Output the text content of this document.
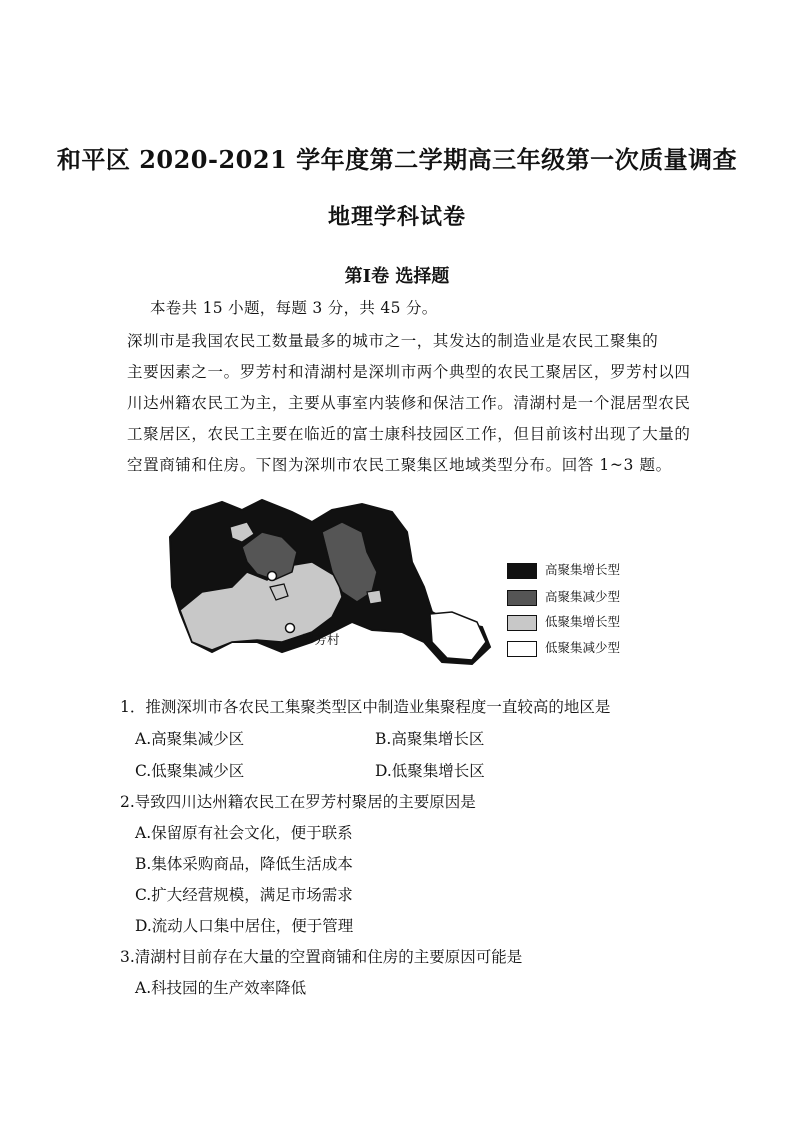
和平区 2020-2021 学年度第二学期高三年级第一次质量调查
地理学科试卷
第Ⅰ卷 选择题
本卷共 15 小题，每题 3 分，共 45 分。
深圳市是我国农民工数量最多的城市之一，其发达的制造业是农民工聚集的
主要因素之一。罗芳村和清湖村是深圳市两个典型的农民工聚居区，罗芳村以四
川达州籍农民工为主，主要从事室内装修和保洁工作。清湖村是一个混居型农民
工聚居区，农民工主要在临近的富士康科技园区工作，但目前该村出现了大量的
空置商铺和住房。下图为深圳市农民工聚集区地域类型分布。回答 1~3 题。
罗芳村
高聚集增长型
高聚集减少型
低聚集增长型
低聚集减少型
1．推测深圳市各农民工集聚类型区中制造业集聚程度一直较高的地区是
A.高聚集减少区	B.高聚集增长区
C.低聚集减少区	D.低聚集增长区
2.导致四川达州籍农民工在罗芳村聚居的主要原因是
A.保留原有社会文化，便于联系
B.集体采购商品，降低生活成本
C.扩大经营规模，满足市场需求
D.流动人口集中居住，便于管理
3.清湖村目前存在大量的空置商铺和住房的主要原因可能是
A.科技园的生产效率降低
